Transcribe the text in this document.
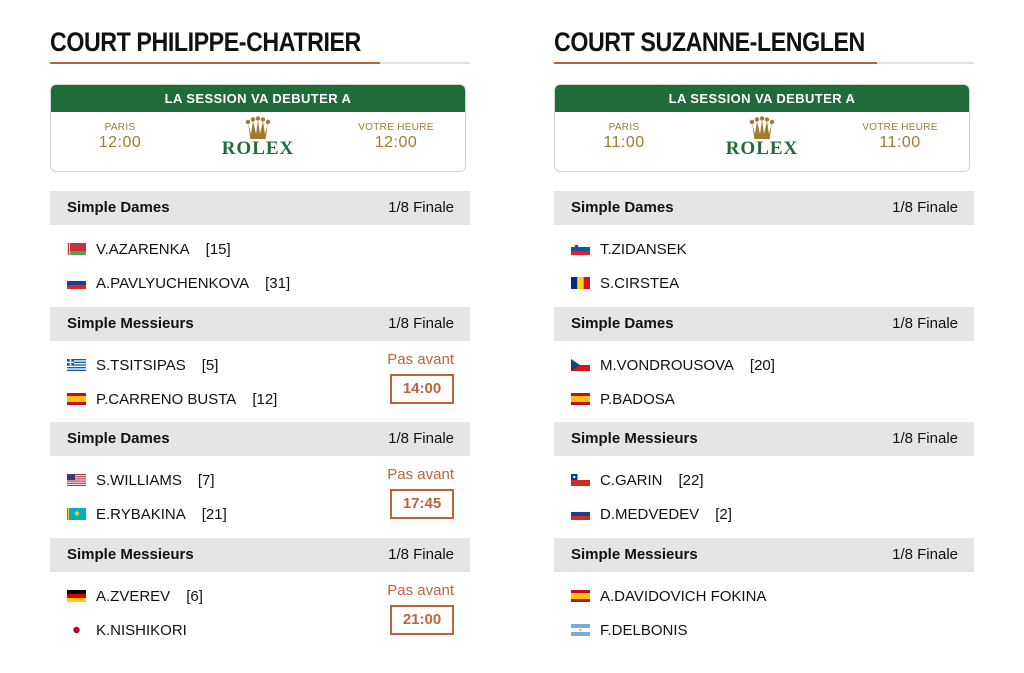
COURT PHILIPPE-CHATRIER
LA SESSION VA DEBUTER A
PARIS
12:00	ROLEX
VOTRE HEURE
12:00
Simple Dames	1/8 Finale
V.AZARENKA [15]
A.PAVLYUCHENKOVA [31]
Simple Messieurs	1/8 Finale
S.TSITSIPAS [5]
P.CARRENO BUSTA [12]
Pas avant
14:00
Simple Dames	1/8 Finale
S.WILLIAMS [7]
E.RYBAKINA [21]
Pas avant
17:45
Simple Messieurs	1/8 Finale
A.ZVEREV [6]
K.NISHIKORI
Pas avant
21:00
COURT SUZANNE-LENGLEN
LA SESSION VA DEBUTER A
PARIS
11:00	ROLEX
VOTRE HEURE
11:00
Simple Dames	1/8 Finale
T.ZIDANSEK
S.CIRSTEA
Simple Dames	1/8 Finale
M.VONDROUSOVA [20]
P.BADOSA
Simple Messieurs	1/8 Finale
C.GARIN [22]
D.MEDVEDEV [2]
Simple Messieurs	1/8 Finale
A.DAVIDOVICH FOKINA
F.DELBONIS
